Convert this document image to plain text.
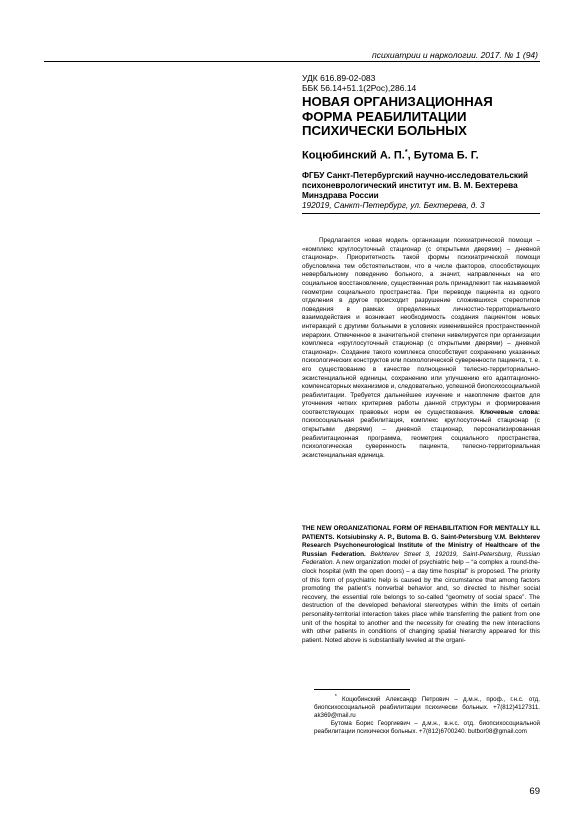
психиатрии и наркологии. 2017. № 1 (94)
УДК 616.89-02-083
ББК 56.14+51.1(2Рос),286.14
НОВАЯ ОРГАНИЗАЦИОННАЯ ФОРМА РЕАБИЛИТАЦИИ ПСИХИЧЕСКИ БОЛЬНЫХ
Коцюбинский А. П.*, Бутома Б. Г.
ФГБУ Санкт-Петербургский научно-исследовательский психоневрологический институт им. В. М. Бехтерева Минздрава России
192019, Санкт-Петербург, ул. Бехтерева, д. 3
Предлагается новая модель организации психиатрической помощи – «комплекс круглосуточный стационар (с открытыми дверями) – дневной стационар». Приоритетность такой формы психиатрической помощи обусловлена тем обстоятельством, что в числе факторов, способствующих невербальному поведению больного, а значит, направленных на его социальное восстановление, существенная роль принадлежит так называемой геометрии социального пространства. При переводе пациента из одного отделения в другое происходит разрушение сложившихся стереотипов поведения в рамках определенных личностно-территориального взаимодействия и возникает необходимость создания пациентом новых интеракций с другими больными в условиях изменившейся пространственной иерархии. Отмеченное в значительной степени нивелируется при организации комплекса «круглосуточный стационар (с открытыми дверями) – дневной стационар». Создание такого комплекса способствует сохранению указанных психологических конструктов или психологической суверенности пациента, т. е. его существованию в качестве полноценной телесно-территориально-экзистенциальной единицы, сохранению или улучшению его адаптационно-компенсаторных механизмов и, следовательно, успешной биопсихосоциальной реабилитации. Требуется дальнейшее изучение и накопление фактов для уточнения четких критериев работы данной структуры и формирования соответствующих правовых норм ее существования. Ключевые слова: психосоциальная реабилитация, комплекс круглосуточный стационар (с открытыми дверями) – дневной стационар, персонализированная реабилитационная программа, геометрия социального пространства, психологическая суверенность пациента, телесно-территориальная экзистенциальная единица.
THE NEW ORGANIZATIONAL FORM OF REHABILITATION FOR MENTALLY ILL PATIENTS. Kotsiubinsky A. P., Butoma B. G. Saint-Petersburg V.M. Bekhterev Research Psychoneurological Institute of the Ministry of Healthcare of the Russian Federation. Bekhterev Street 3, 192019, Saint-Petersburg, Russian Federation. A new organization model of psychiatric help – “a complex a round-the-clock hospital (with the open doors) – a day time hospital” is proposed. The priority of this form of psychiatric help is caused by the circumstance that among factors promoting the patient’s nonverbal behavior and, so directed to his/her social recovery, the essential role belongs to so-called “geometry of social space”. The destruction of the developed behavioral stereotypes within the limits of certain personality-territorial interaction takes place while transferring the patient from one unit of the hospital to another and the necessity for creating the new interactions with other patients in conditions of changing spatial hierarchy appeared for this patient. Noted above is substantially leveled at the organi-
* Коцюбинский Александр Петрович – д.м.н., проф., г.н.с. отд. биопсихосоциальной реабилитации психически больных. +7(812)4127311. ak369@mail.ru
Бутома Борис Георгиевич – д.м.н., в.н.с. отд. биопсихосоциальной реабилитации психически больных. +7(812)6700240. butbor08@gmail.com
69
